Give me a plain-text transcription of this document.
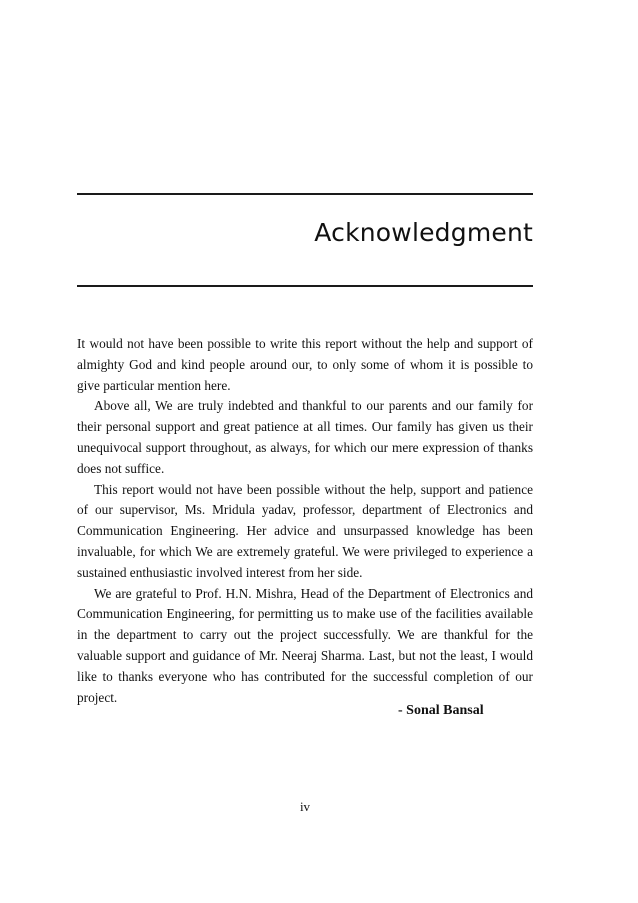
Acknowledgment

It would not have been possible to write this report without the help and support of almighty God and kind people around our, to only some of whom it is possible to give particular mention here.

Above all, We are truly indebted and thankful to our parents and our family for their personal support and great patience at all times. Our family has given us their unequivocal support throughout, as always, for which our mere expression of thanks does not suffice.

This report would not have been possible without the help, support and patience of our supervisor, Ms. Mridula yadav, professor, department of Electronics and Communication Engineering. Her advice and unsurpassed knowledge has been invaluable, for which We are extremely grateful. We were privileged to experience a sustained enthusiastic involved interest from her side.

We are grateful to Prof. H.N. Mishra, Head of the Department of Electronics and Communication Engineering, for permitting us to make use of the facilities available in the department to carry out the project successfully. We are thankful for the valuable support and guidance of Mr. Neeraj Sharma. Last, but not the least, I would like to thanks everyone who has contributed for the successful completion of our project.

- Sonal Bansal
iv
